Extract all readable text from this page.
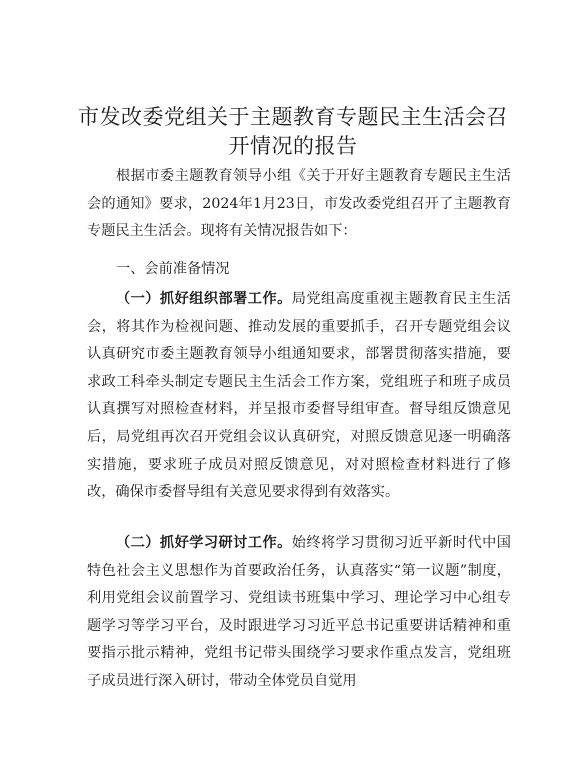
市发改委党组关于主题教育专题民主生活会召开情况的报告

根据市委主题教育领导小组《关于开好主题教育专题民主生活会的通知》要求，2024年1月23日，市发改委党组召开了主题教育专题民主生活会。现将有关情况报告如下：

一、会前准备情况

（一）抓好组织部署工作。局党组高度重视主题教育民主生活会，将其作为检视问题、推动发展的重要抓手，召开专题党组会议认真研究市委主题教育领导小组通知要求，部署贯彻落实措施，要求政工科牵头制定专题民主生活会工作方案，党组班子和班子成员认真撰写对照检查材料，并呈报市委督导组审查。督导组反馈意见后，局党组再次召开党组会议认真研究，对照反馈意见逐一明确落实措施，要求班子成员对照反馈意见，对对照检查材料进行了修改，确保市委督导组有关意见要求得到有效落实。

（二）抓好学习研讨工作。始终将学习贯彻习近平新时代中国特色社会主义思想作为首要政治任务，认真落实“第一议题”制度，利用党组会议前置学习、党组读书班集中学习、理论学习中心组专题学习等学习平台，及时跟进学习习近平总书记重要讲话精神和重要指示批示精神，党组书记带头围绕学习要求作重点发言，党组班子成员进行深入研讨，带动全体党员自觉用
